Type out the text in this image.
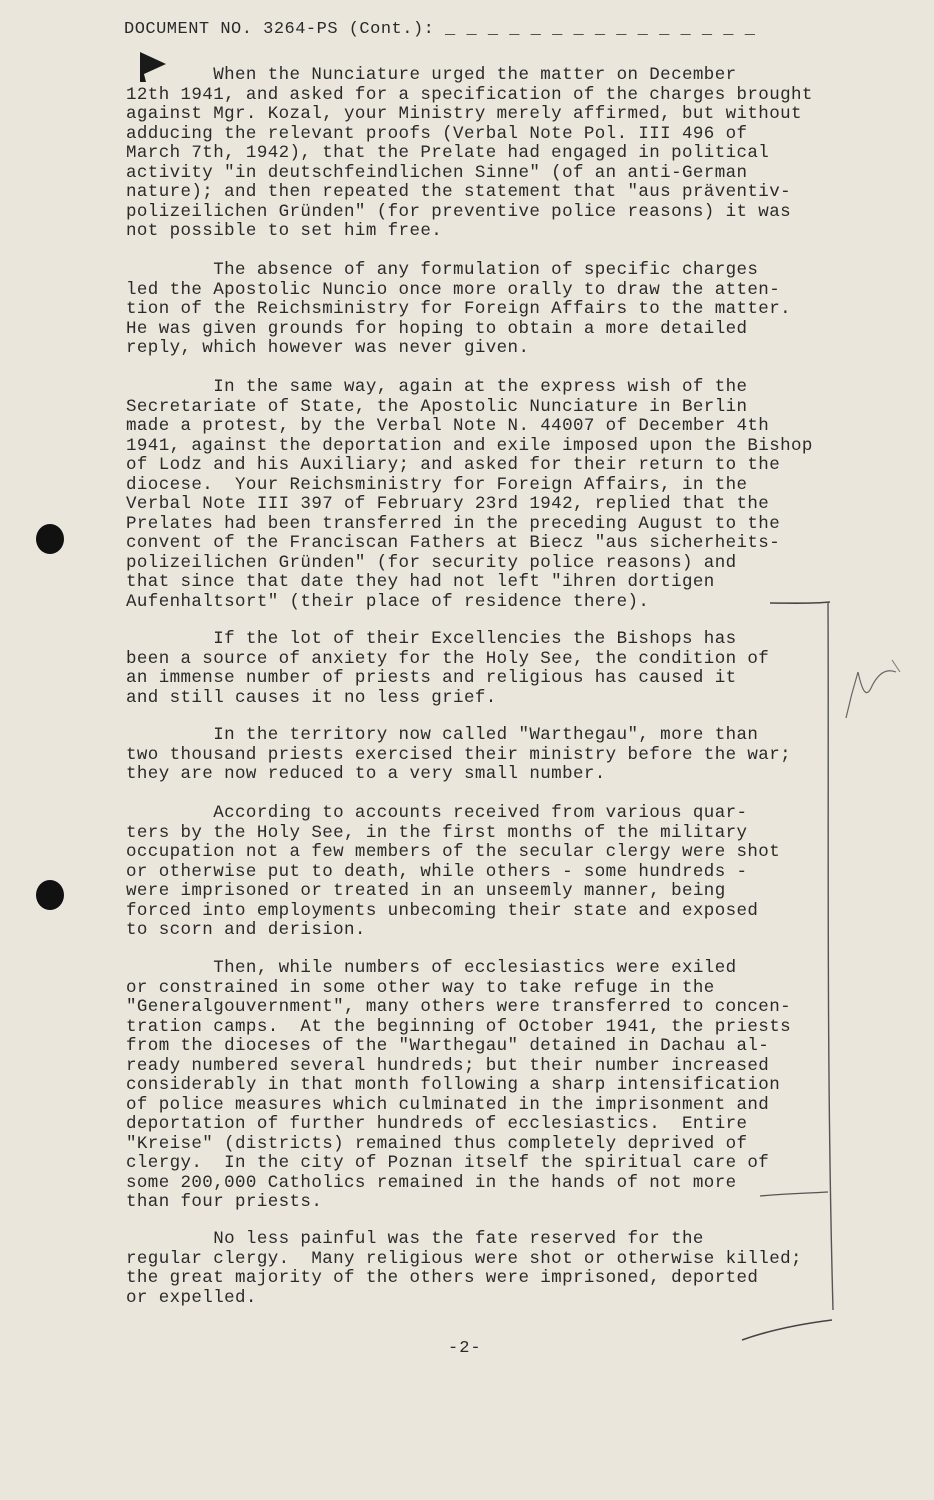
DOCUMENT NO. 3264-PS (Cont.): _ _ _ _ _ _ _ _ _ _ _ _ _ _ _

When the Nunciature urged the matter on December
12th 1941, and asked for a specification of the charges brought
against Mgr. Kozal, your Ministry merely affirmed, but without
adducing the relevant proofs (Verbal Note Pol. III 496 of
March 7th, 1942), that the Prelate had engaged in political
activity "in deutschfeindlichen Sinne" (of an anti-German
nature); and then repeated the statement that "aus präventiv-
polizeilichen Gründen" (for preventive police reasons) it was
not possible to set him free.

The absence of any formulation of specific charges
led the Apostolic Nuncio once more orally to draw the atten-
tion of the Reichsministry for Foreign Affairs to the matter.
He was given grounds for hoping to obtain a more detailed
reply, which however was never given.

In the same way, again at the express wish of the
Secretariate of State, the Apostolic Nunciature in Berlin
made a protest, by the Verbal Note N. 44007 of December 4th
1941, against the deportation and exile imposed upon the Bishop
of Lodz and his Auxiliary; and asked for their return to the
diocese.  Your Reichsministry for Foreign Affairs, in the
Verbal Note III 397 of February 23rd 1942, replied that the
Prelates had been transferred in the preceding August to the
convent of the Franciscan Fathers at Biecz "aus sicherheits-
polizeilichen Gründen" (for security police reasons) and
that since that date they had not left "ihren dortigen
Aufenhaltsort" (their place of residence there).

If the lot of their Excellencies the Bishops has
been a source of anxiety for the Holy See, the condition of
an immense number of priests and religious has caused it
and still causes it no less grief.

In the territory now called "Warthegau", more than
two thousand priests exercised their ministry before the war;
they are now reduced to a very small number.

According to accounts received from various quar-
ters by the Holy See, in the first months of the military
occupation not a few members of the secular clergy were shot
or otherwise put to death, while others - some hundreds -
were imprisoned or treated in an unseemly manner, being
forced into employments unbecoming their state and exposed
to scorn and derision.

Then, while numbers of ecclesiastics were exiled
or constrained in some other way to take refuge in the
"Generalgouvernment", many others were transferred to concen-
tration camps.  At the beginning of October 1941, the priests
from the dioceses of the "Warthegau" detained in Dachau al-
ready numbered several hundreds; but their number increased
considerably in that month following a sharp intensification
of police measures which culminated in the imprisonment and
deportation of further hundreds of ecclesiastics.  Entire
"Kreise" (districts) remained thus completely deprived of
clergy.  In the city of Poznan itself the spiritual care of
some 200,000 Catholics remained in the hands of not more
than four priests.

No less painful was the fate reserved for the
regular clergy.  Many religious were shot or otherwise killed;
the great majority of the others were imprisoned, deported
or expelled.

-2-
